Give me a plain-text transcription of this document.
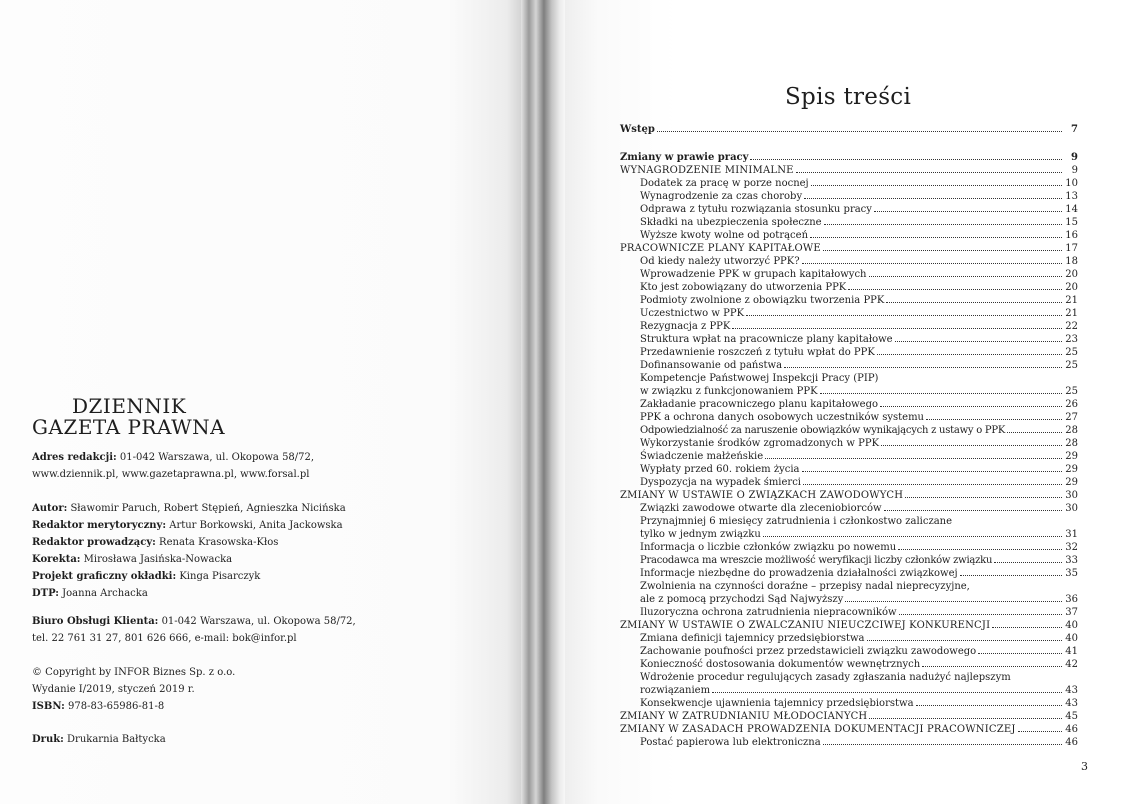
DZIENNIK
GAZETA PRAWNA
Adres redakcji: 01-042 Warszawa, ul. Okopowa 58/72,
www.dziennik.pl, www.gazetaprawna.pl, www.forsal.pl
Autor: Sławomir Paruch, Robert Stępień, Agnieszka Nicińska
Redaktor merytoryczny: Artur Borkowski, Anita Jackowska
Redaktor prowadzący: Renata Krasowska-Kłos
Korekta: Mirosława Jasińska-Nowacka
Projekt graficzny okładki: Kinga Pisarczyk
DTP: Joanna Archacka
Biuro Obsługi Klienta: 01-042 Warszawa, ul. Okopowa 58/72,
tel. 22 761 31 27, 801 626 666, e-mail: bok@infor.pl
© Copyright by INFOR Biznes Sp. z o.o.
Wydanie I/2019, styczeń 2019 r.
ISBN: 978-83-65986-81-8
Druk: Drukarnia Bałtycka
Spis treści
Wstęp	7
Zmiany w prawie pracy	9
WYNAGRODZENIE MINIMALNE	9
Dodatek za pracę w porze nocnej	10
Wynagrodzenie za czas choroby	13
Odprawa z tytułu rozwiązania stosunku pracy	14
Składki na ubezpieczenia społeczne	15
Wyższe kwoty wolne od potrąceń	16
PRACOWNICZE PLANY KAPITAŁOWE	17
Od kiedy należy utworzyć PPK?	18
Wprowadzenie PPK w grupach kapitałowych	20
Kto jest zobowiązany do utworzenia PPK	20
Podmioty zwolnione z obowiązku tworzenia PPK	21
Uczestnictwo w PPK	21
Rezygnacja z PPK	22
Struktura wpłat na pracownicze plany kapitałowe	23
Przedawnienie roszczeń z tytułu wpłat do PPK	25
Dofinansowanie od państwa	25
Kompetencje Państwowej Inspekcji Pracy (PIP)
w związku z funkcjonowaniem PPK	25
Zakładanie pracowniczego planu kapitałowego	26
PPK a ochrona danych osobowych uczestników systemu	27
Odpowiedzialność za naruszenie obowiązków wynikających z ustawy o PPK	28
Wykorzystanie środków zgromadzonych w PPK	28
Świadczenie małżeńskie	29
Wypłaty przed 60. rokiem życia	29
Dyspozycja na wypadek śmierci	29
ZMIANY W USTAWIE O ZWIĄZKACH ZAWODOWYCH	30
Związki zawodowe otwarte dla zleceniobiorców	30
Przynajmniej 6 miesięcy zatrudnienia i członkostwo zaliczane
tylko w jednym związku	31
Informacja o liczbie członków związku po nowemu	32
Pracodawca ma wreszcie możliwość weryfikacji liczby członków związku	33
Informacje niezbędne do prowadzenia działalności związkowej	35
Zwolnienia na czynności doraźne – przepisy nadal nieprecyzyjne,
ale z pomocą przychodzi Sąd Najwyższy	36
Iluzoryczna ochrona zatrudnienia niepracowników	37
ZMIANY W USTAWIE O ZWALCZANIU NIEUCZCIWEJ KONKURENCJI	40
Zmiana definicji tajemnicy przedsiębiorstwa	40
Zachowanie poufności przez przedstawicieli związku zawodowego	41
Konieczność dostosowania dokumentów wewnętrznych	42
Wdrożenie procedur regulujących zasady zgłaszania nadużyć najlepszym
rozwiązaniem	43
Konsekwencje ujawnienia tajemnicy przedsiębiorstwa	43
ZMIANY W ZATRUDNIANIU MŁODOCIANYCH	45
ZMIANY W ZASADACH PROWADZENIA DOKUMENTACJI PRACOWNICZEJ	46
Postać papierowa lub elektroniczna	46
3
